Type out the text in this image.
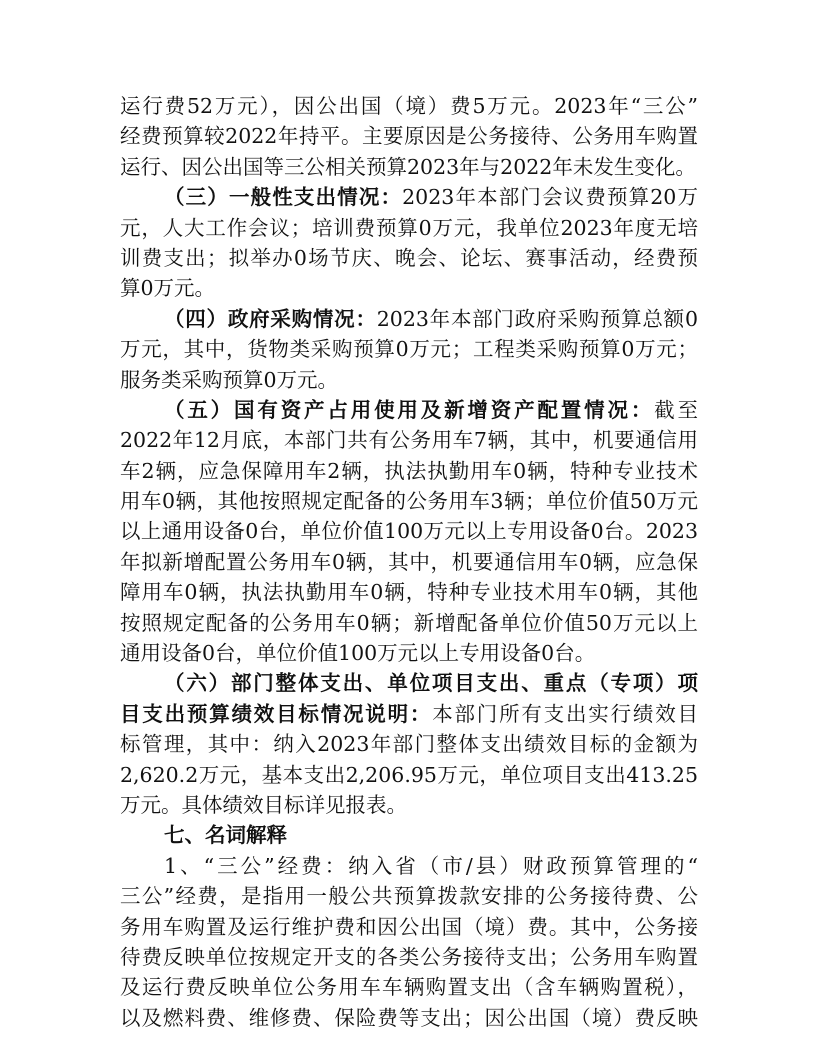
运行费52万元），因公出国（境）费5万元。2023年“三公”
经费预算较2022年持平。主要原因是公务接待、公务用车购置
运行、因公出国等三公相关预算2023年与2022年未发生变化。
（三）一般性支出情况：2023年本部门会议费预算20万
元，人大工作会议；培训费预算0万元，我单位2023年度无培
训费支出；拟举办0场节庆、晚会、论坛、赛事活动，经费预
算0万元。
（四）政府采购情况：2023年本部门政府采购预算总额0
万元，其中，货物类采购预算0万元；工程类采购预算0万元；
服务类采购预算0万元。
（五）国有资产占用使用及新增资产配置情况：截至
2022年12月底，本部门共有公务用车7辆，其中，机要通信用
车2辆，应急保障用车2辆，执法执勤用车0辆，特种专业技术
用车0辆，其他按照规定配备的公务用车3辆；单位价值50万元
以上通用设备0台，单位价值100万元以上专用设备0台。2023
年拟新增配置公务用车0辆，其中，机要通信用车0辆，应急保
障用车0辆，执法执勤用车0辆，特种专业技术用车0辆，其他
按照规定配备的公务用车0辆；新增配备单位价值50万元以上
通用设备0台，单位价值100万元以上专用设备0台。
（六）部门整体支出、单位项目支出、重点（专项）项
目支出预算绩效目标情况说明：本部门所有支出实行绩效目
标管理，其中：纳入2023年部门整体支出绩效目标的金额为
2,620.2万元，基本支出2,206.95万元，单位项目支出413.25
万元。具体绩效目标详见报表。
七、名词解释
1、“三公”经费：纳入省（市/县）财政预算管理的“
三公”经费，是指用一般公共预算拨款安排的公务接待费、公
务用车购置及运行维护费和因公出国（境）费。其中，公务接
待费反映单位按规定开支的各类公务接待支出；公务用车购置
及运行费反映单位公务用车车辆购置支出（含车辆购置税），
以及燃料费、维修费、保险费等支出；因公出国（境）费反映
